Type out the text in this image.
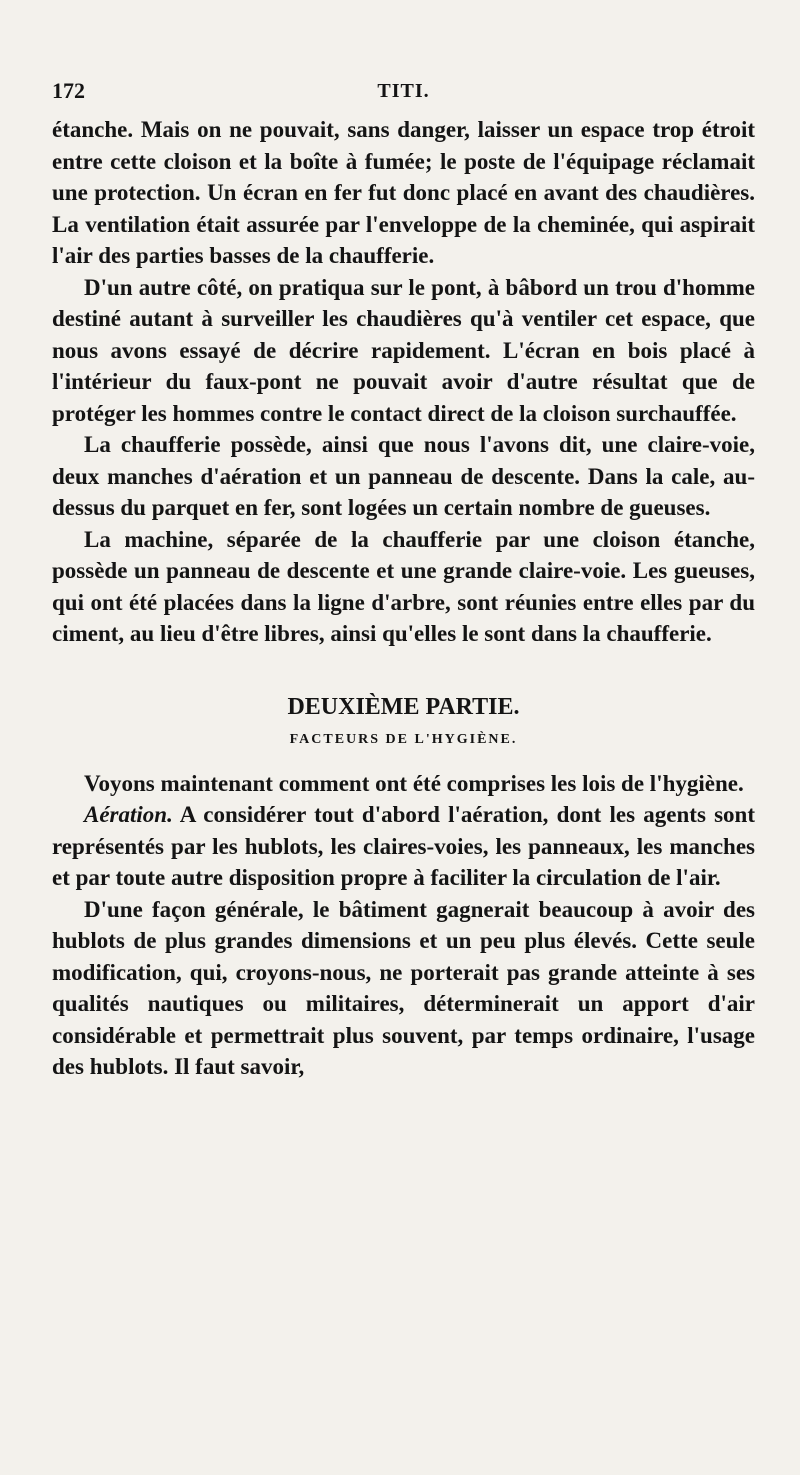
172	TITI.

étanche. Mais on ne pouvait, sans danger, laisser un espace trop étroit entre cette cloison et la boîte à fumée; le poste de l'équipage réclamait une protection. Un écran en fer fut donc placé en avant des chaudières. La ventilation était assurée par l'enveloppe de la cheminée, qui aspirait l'air des parties basses de la chaufferie.

D'un autre côté, on pratiqua sur le pont, à bâbord un trou d'homme destiné autant à surveiller les chaudières qu'à ventiler cet espace, que nous avons essayé de décrire rapidement. L'écran en bois placé à l'intérieur du faux-pont ne pouvait avoir d'autre résultat que de protéger les hommes contre le contact direct de la cloison surchauffée.

La chaufferie possède, ainsi que nous l'avons dit, une claire-voie, deux manches d'aération et un panneau de descente. Dans la cale, au-dessus du parquet en fer, sont logées un certain nombre de gueuses.

La machine, séparée de la chaufferie par une cloison étanche, possède un panneau de descente et une grande claire-voie. Les gueuses, qui ont été placées dans la ligne d'arbre, sont réunies entre elles par du ciment, au lieu d'être libres, ainsi qu'elles le sont dans la chaufferie.

DEUXIÈME PARTIE.
FACTEURS DE L'HYGIÈNE.

Voyons maintenant comment ont été comprises les lois de l'hygiène.

Aération. A considérer tout d'abord l'aération, dont les agents sont représentés par les hublots, les claires-voies, les panneaux, les manches et par toute autre disposition propre à faciliter la circulation de l'air.

D'une façon générale, le bâtiment gagnerait beaucoup à avoir des hublots de plus grandes dimensions et un peu plus élevés. Cette seule modification, qui, croyons-nous, ne porterait pas grande atteinte à ses qualités nautiques ou militaires, déterminerait un apport d'air considérable et permettrait plus souvent, par temps ordinaire, l'usage des hublots. Il faut savoir,
